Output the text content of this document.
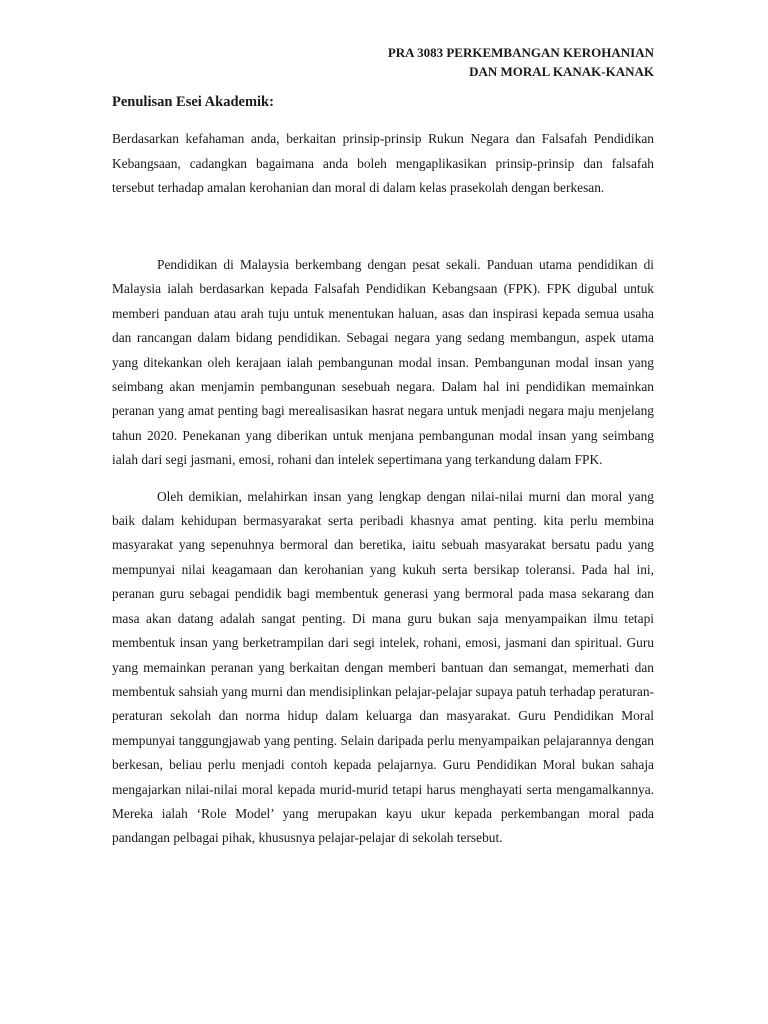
PRA 3083 PERKEMBANGAN KEROHANIAN
DAN MORAL KANAK-KANAK
Penulisan Esei Akademik:

Berdasarkan kefahaman anda, berkaitan prinsip-prinsip Rukun Negara dan Falsafah Pendidikan Kebangsaan, cadangkan bagaimana anda boleh mengaplikasikan prinsip-prinsip dan falsafah tersebut terhadap amalan kerohanian dan moral di dalam kelas prasekolah dengan berkesan.

Pendidikan di Malaysia berkembang dengan pesat sekali. Panduan utama pendidikan di Malaysia ialah berdasarkan kepada Falsafah Pendidikan Kebangsaan (FPK). FPK digubal untuk memberi panduan atau arah tuju untuk menentukan haluan, asas dan inspirasi kepada semua usaha dan rancangan dalam bidang pendidikan. Sebagai negara yang sedang membangun, aspek utama yang ditekankan oleh kerajaan ialah pembangunan modal insan. Pembangunan modal insan yang seimbang akan menjamin pembangunan sesebuah negara. Dalam hal ini pendidikan memainkan peranan yang amat penting bagi merealisasikan hasrat negara untuk menjadi negara maju menjelang tahun 2020. Penekanan yang diberikan untuk menjana pembangunan modal insan yang seimbang ialah dari segi jasmani, emosi, rohani dan intelek sepertimana yang terkandung dalam FPK.

Oleh demikian, melahirkan insan yang lengkap dengan nilai-nilai murni dan moral yang baik dalam kehidupan bermasyarakat serta peribadi khasnya amat penting. kita perlu membina masyarakat yang sepenuhnya bermoral dan beretika, iaitu sebuah masyarakat bersatu padu yang mempunyai nilai keagamaan dan kerohanian yang kukuh serta bersikap toleransi. Pada hal ini, peranan guru sebagai pendidik bagi membentuk generasi yang bermoral pada masa sekarang dan masa akan datang adalah sangat penting. Di mana guru bukan saja menyampaikan ilmu tetapi membentuk insan yang berketrampilan dari segi intelek, rohani, emosi, jasmani dan spiritual. Guru yang memainkan peranan yang berkaitan dengan memberi bantuan dan semangat, memerhati dan membentuk sahsiah yang murni dan mendisiplinkan pelajar-pelajar supaya patuh terhadap peraturan-peraturan sekolah dan norma hidup dalam keluarga dan masyarakat. Guru Pendidikan Moral mempunyai tanggungjawab yang penting. Selain daripada perlu menyampaikan pelajarannya dengan berkesan, beliau perlu menjadi contoh kepada pelajarnya. Guru Pendidikan Moral bukan sahaja mengajarkan nilai-nilai moral kepada murid-murid tetapi harus menghayati serta mengamalkannya. Mereka ialah ‘Role Model’ yang merupakan kayu ukur kepada perkembangan moral pada pandangan pelbagai pihak, khususnya pelajar-pelajar di sekolah tersebut.
